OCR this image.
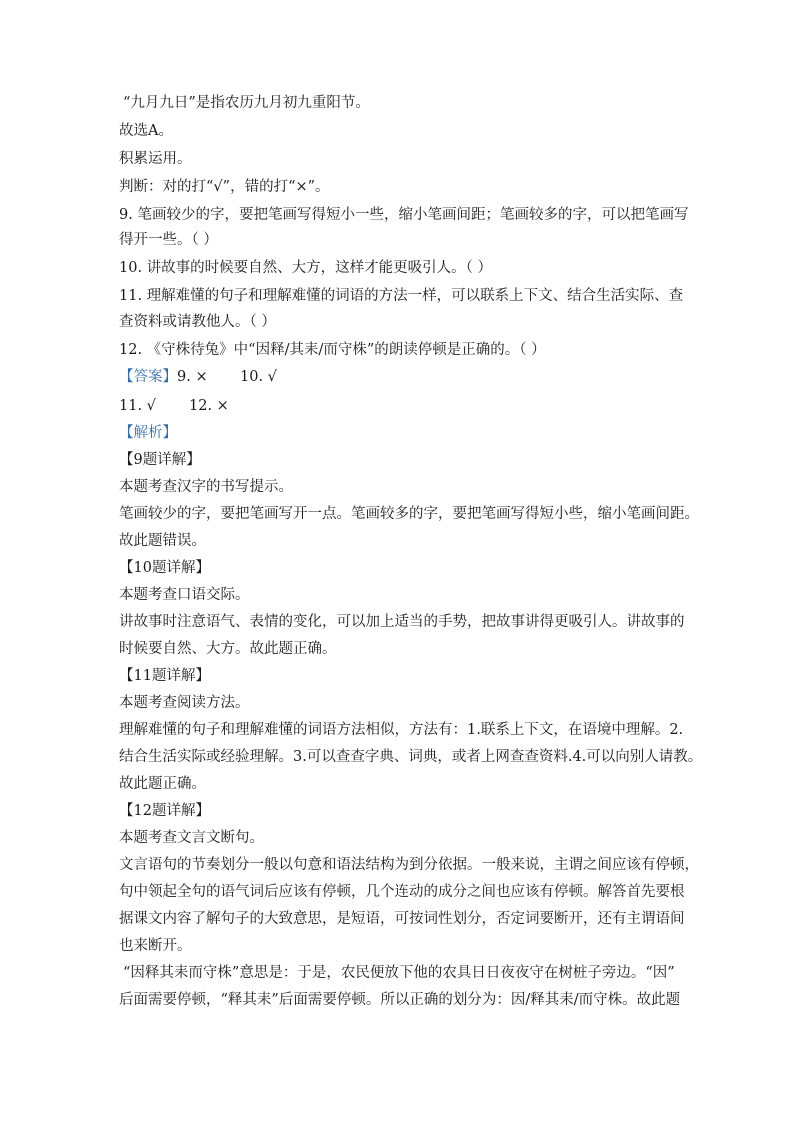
“九月九日”是指农历九月初九重阳节。
故选A。
积累运用。
判断：对的打“√”，错的打“×”。
9. 笔画较少的字，要把笔画写得短小一些，缩小笔画间距；笔画较多的字，可以把笔画写
得开一些。（ ）
10. 讲故事的时候要自然、大方，这样才能更吸引人。（ ）
11. 理解难懂的句子和理解难懂的词语的方法一样，可以联系上下文、结合生活实际、查
查资料或请教他人。（ ）
12. 《守株待兔》中“因释/其耒/而守株”的朗读停顿是正确的。（ ）
【答案】9. × 10. √
11. √ 12. ×
【解析】
【9题详解】
本题考查汉字的书写提示。
笔画较少的字，要把笔画写开一点。笔画较多的字，要把笔画写得短小些，缩小笔画间距。
故此题错误。
【10题详解】
本题考查口语交际。
讲故事时注意语气、表情的变化，可以加上适当的手势，把故事讲得更吸引人。讲故事的
时候要自然、大方。故此题正确。
【11题详解】
本题考查阅读方法。
理解难懂的句子和理解难懂的词语方法相似，方法有：1.联系上下文，在语境中理解。2.
结合生活实际或经验理解。3.可以查查字典、词典，或者上网查查资料.4.可以向别人请教。
故此题正确。
【12题详解】
本题考查文言文断句。
文言语句的节奏划分一般以句意和语法结构为到分依据。一般来说，主谓之间应该有停顿，
句中领起全句的语气词后应该有停顿，几个连动的成分之间也应该有停顿。解答首先要根
据课文内容了解句子的大致意思，是短语，可按词性划分，否定词要断开，还有主谓语间
也来断开。
“因释其耒而守株”意思是：于是，农民便放下他的农具日日夜夜守在树桩子旁边。“因”
后面需要停顿，“释其耒”后面需要停顿。所以正确的划分为：因/释其耒/而守株。故此题
